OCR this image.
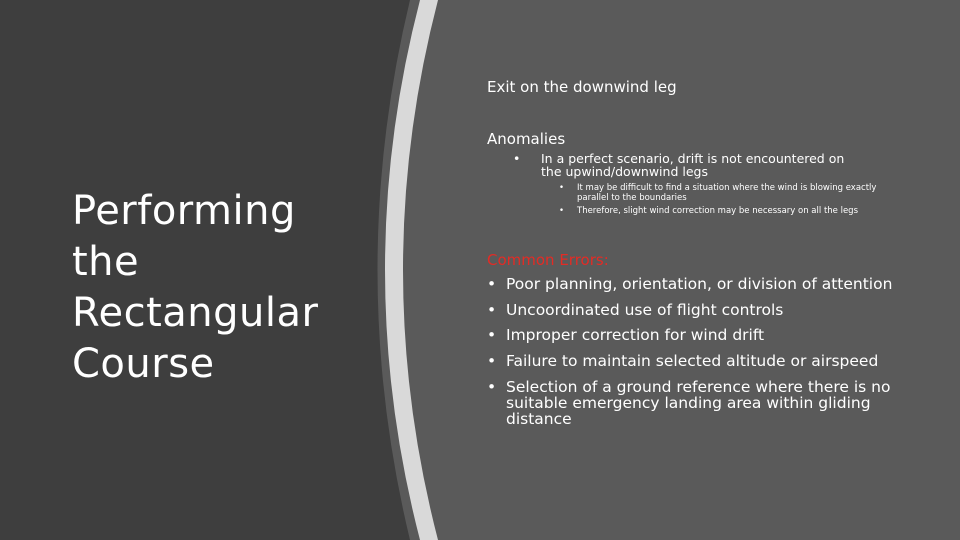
Performing
the
Rectangular
Course
Exit on the downwind leg
Anomalies
•	In a perfect scenario, drift is not encountered on the upwind/downwind legs
•	It may be difficult to find a situation where the wind is blowing exactly parallel to the boundaries
•	Therefore, slight wind correction may be necessary on all the legs
Common Errors:
• Poor planning, orientation, or division of attention
• Uncoordinated use of flight controls
• Improper correction for wind drift
• Failure to maintain selected altitude or airspeed
• Selection of a ground reference where there is no suitable emergency landing area within gliding distance
